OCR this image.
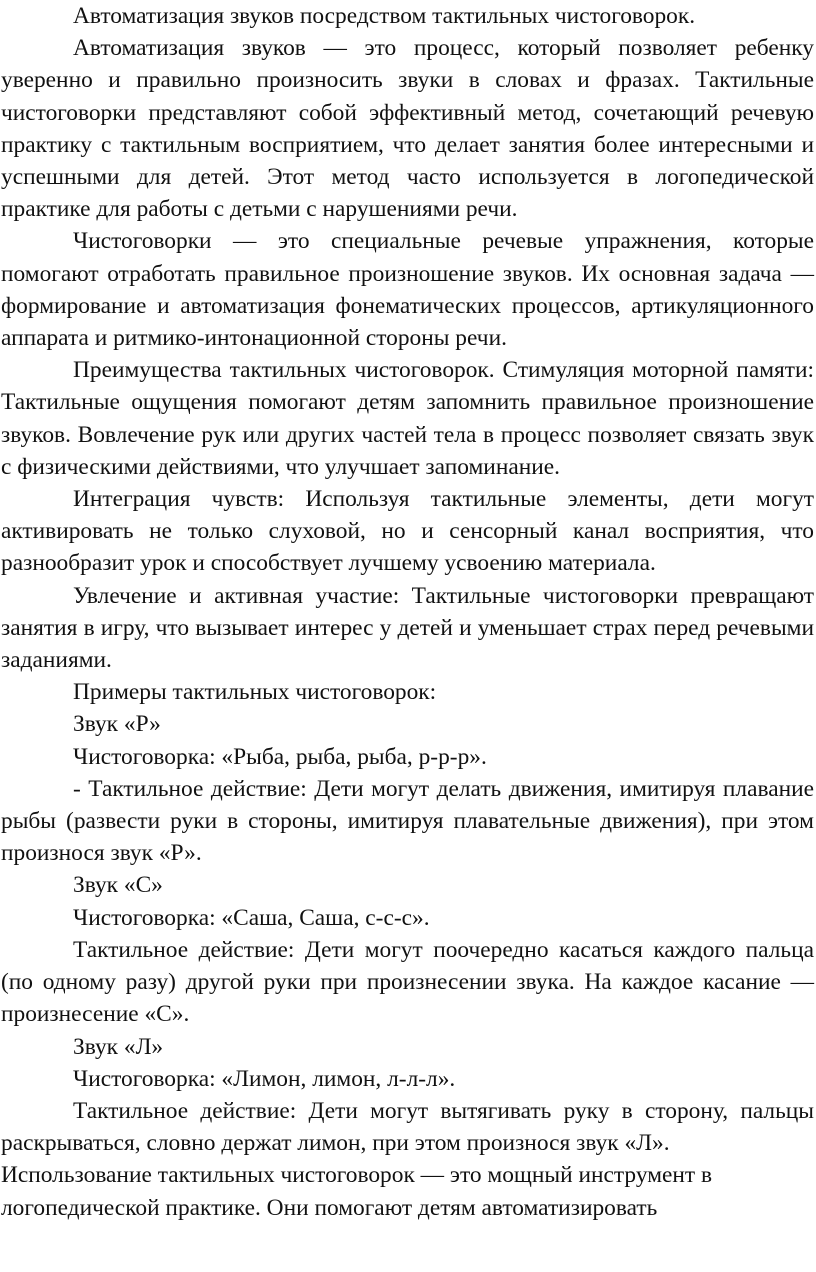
Автоматизация звуков посредством тактильных чистоговорок.

Автоматизация звуков — это процесс, который позволяет ребенку уверенно и правильно произносить звуки в словах и фразах. Тактильные чистоговорки представляют собой эффективный метод, сочетающий речевую практику с тактильным восприятием, что делает занятия более интересными и успешными для детей. Этот метод часто используется в логопедической практике для работы с детьми с нарушениями речи.

Чистоговорки — это специальные речевые упражнения, которые помогают отработать правильное произношение звуков. Их основная задача — формирование и автоматизация фонематических процессов, артикуляционного аппарата и ритмико-интонационной стороны речи.

Преимущества тактильных чистоговорок. Стимуляция моторной памяти: Тактильные ощущения помогают детям запомнить правильное произношение звуков. Вовлечение рук или других частей тела в процесс позволяет связать звук с физическими действиями, что улучшает запоминание.

Интеграция чувств: Используя тактильные элементы, дети могут активировать не только слуховой, но и сенсорный канал восприятия, что разнообразит урок и способствует лучшему усвоению материала.

Увлечение и активная участие: Тактильные чистоговорки превращают занятия в игру, что вызывает интерес у детей и уменьшает страх перед речевыми заданиями.

Примеры тактильных чистоговорок:

Звук «Р»

Чистоговорка: «Рыба, рыба, рыба, р-р-р».

- Тактильное действие: Дети могут делать движения, имитируя плавание рыбы (развести руки в стороны, имитируя плавательные движения), при этом произнося звук «Р».

Звук «С»

Чистоговорка: «Саша, Саша, с-с-с».

Тактильное действие: Дети могут поочередно касаться каждого пальца (по одному разу) другой руки при произнесении звука. На каждое касание — произнесение «С».

Звук «Л»

Чистоговорка: «Лимон, лимон, л-л-л».

Тактильное действие: Дети могут вытягивать руку в сторону, пальцы раскрываться, словно держат лимон, при этом произнося звук «Л».

Использование тактильных чистоговорок — это мощный инструмент в логопедической практике. Они помогают детям автоматизировать
